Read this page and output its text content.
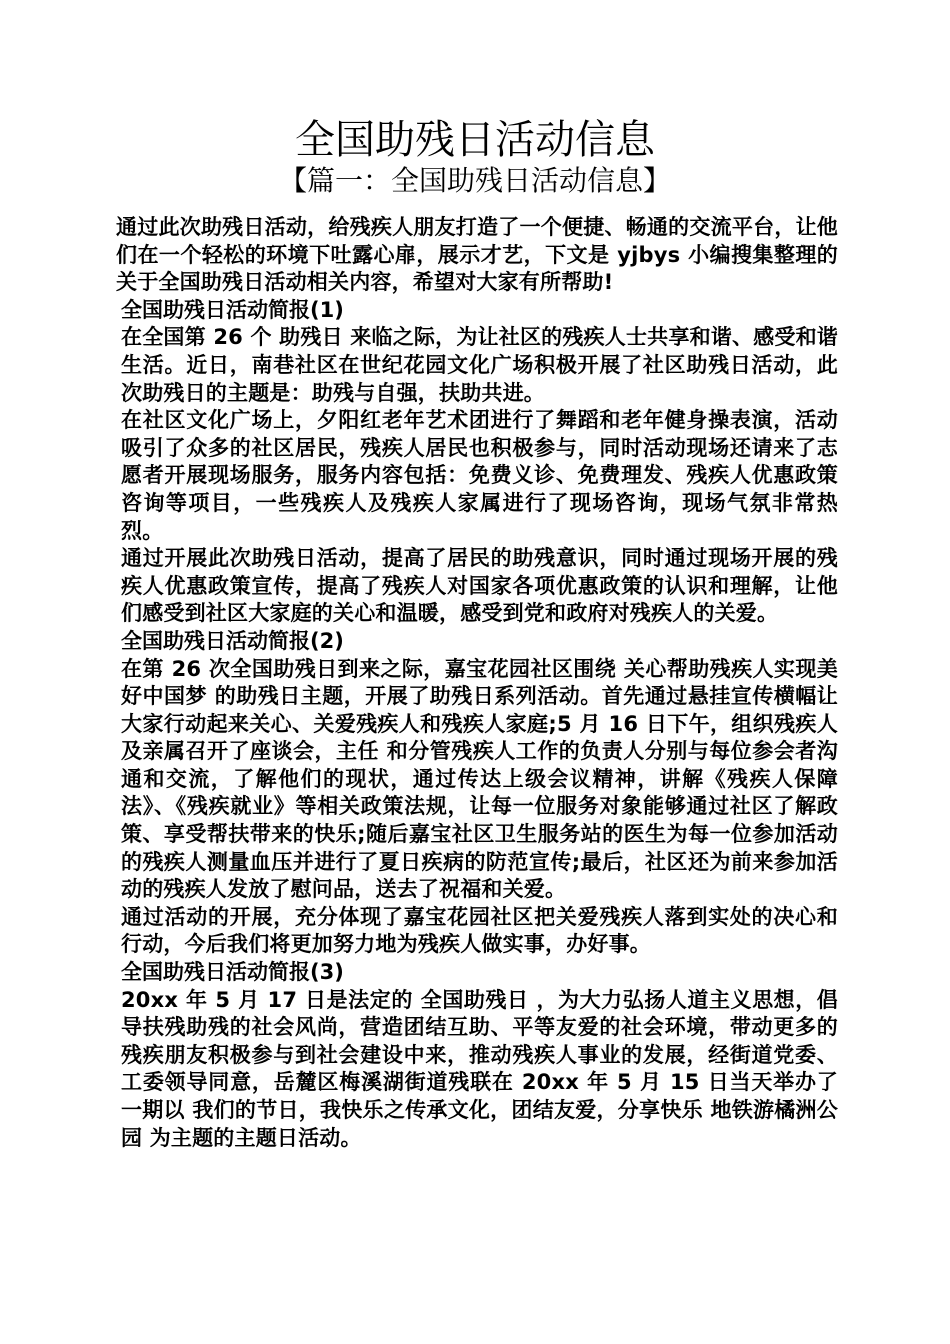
全国助残日活动信息
【篇一：全国助残日活动信息】

通过此次助残日活动，给残疾人朋友打造了一个便捷、畅通的交流平台，让他们在一个轻松的环境下吐露心扉，展示才艺，下文是 yjbys 小编搜集整理的关于全国助残日活动相关内容，希望对大家有所帮助!

全国助残日活动简报(1)

在全国第 26 个 助残日 来临之际，为让社区的残疾人士共享和谐、感受和谐生活。近日，南巷社区在世纪花园文化广场积极开展了社区助残日活动，此次助残日的主题是：助残与自强，扶助共进。

在社区文化广场上，夕阳红老年艺术团进行了舞蹈和老年健身操表演，活动吸引了众多的社区居民，残疾人居民也积极参与，同时活动现场还请来了志愿者开展现场服务，服务内容包括：免费义诊、免费理发、残疾人优惠政策咨询等项目，一些残疾人及残疾人家属进行了现场咨询，现场气氛非常热烈。

通过开展此次助残日活动，提高了居民的助残意识，同时通过现场开展的残疾人优惠政策宣传，提高了残疾人对国家各项优惠政策的认识和理解，让他们感受到社区大家庭的关心和温暖，感受到党和政府对残疾人的关爱。

全国助残日活动简报(2)

在第 26 次全国助残日到来之际，嘉宝花园社区围绕 关心帮助残疾人实现美好中国梦 的助残日主题，开展了助残日系列活动。首先通过悬挂宣传横幅让大家行动起来关心、关爱残疾人和残疾人家庭;5 月 16 日下午，组织残疾人及亲属召开了座谈会，主任 和分管残疾人工作的负责人分别与每位参会者沟通和交流，了解他们的现状，通过传达上级会议精神，讲解《残疾人保障法》、《残疾就业》等相关政策法规，让每一位服务对象能够通过社区了解政策、享受帮扶带来的快乐;随后嘉宝社区卫生服务站的医生为每一位参加活动的残疾人测量血压并进行了夏日疾病的防范宣传;最后，社区还为前来参加活动的残疾人发放了慰问品，送去了祝福和关爱。

通过活动的开展，充分体现了嘉宝花园社区把关爱残疾人落到实处的决心和行动，今后我们将更加努力地为残疾人做实事，办好事。

全国助残日活动简报(3)

20xx 年 5 月 17 日是法定的 全国助残日 ，为大力弘扬人道主义思想，倡导扶残助残的社会风尚，营造团结互助、平等友爱的社会环境，带动更多的残疾朋友积极参与到社会建设中来，推动残疾人事业的发展，经街道党委、工委领导同意，岳麓区梅溪湖街道残联在 20xx 年 5 月 15 日当天举办了一期以 我们的节日，我快乐之传承文化，团结友爱，分享快乐 地铁游橘洲公园 为主题的主题日活动。
